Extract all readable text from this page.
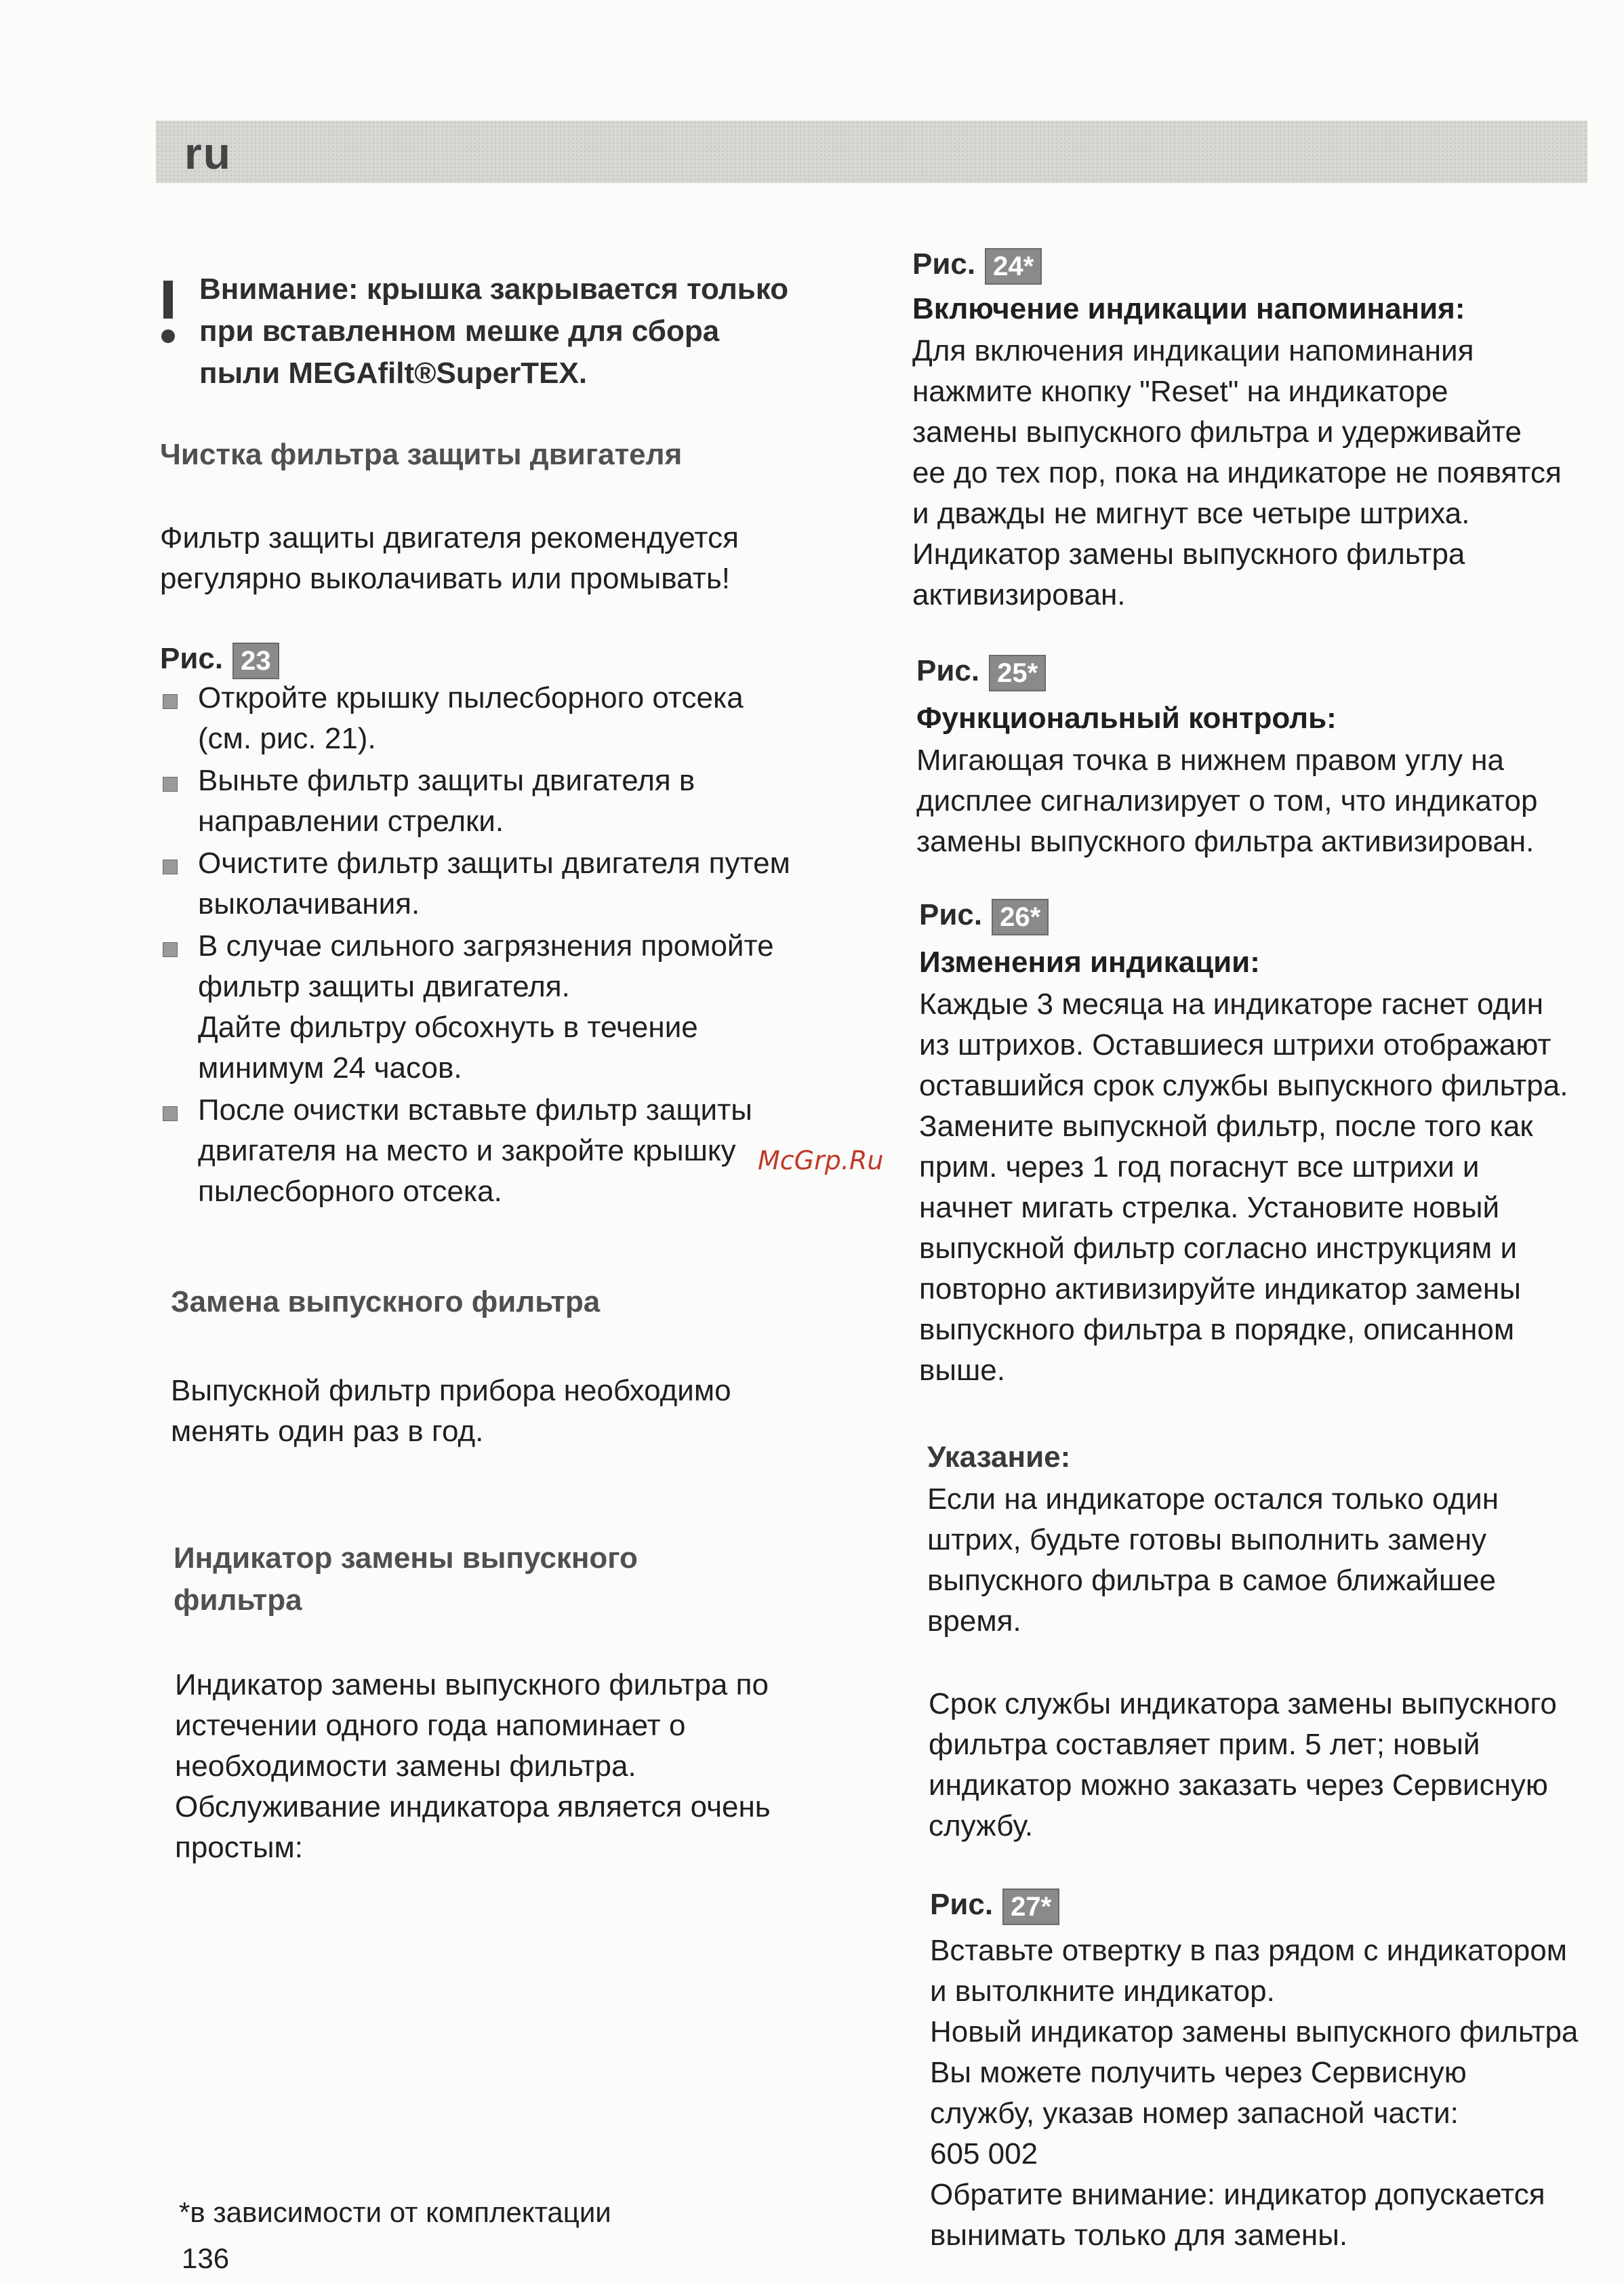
ru
Внимание: крышка закрывается только
при вставленном мешке для сбора
пыли MEGAfilt®SuperTEX.
Чистка фильтра защиты двигателя
Фильтр защиты двигателя рекомендуется
регулярно выколачивать или промывать!
Рис. 23
Откройте крышку пылесборного отсека
(см. рис. 21).
Выньте фильтр защиты двигателя в
направлении стрелки.
Очистите фильтр защиты двигателя путем
выколачивания.
В случае сильного загрязнения промойте
фильтр защиты двигателя.
Дайте фильтру обсохнуть в течение
минимум 24 часов.
После очистки вставьте фильтр защиты
двигателя на место и закройте крышку
пылесборного отсека.
McGrp.Ru
Замена выпускного фильтра
Выпускной фильтр прибора необходимо
менять один раз в год.
Индикатор замены выпускного
фильтра
Индикатор замены выпускного фильтра по
истечении одного года напоминает о
необходимости замены фильтра.
Обслуживание индикатора является очень
простым:
Рис. 24*
Включение индикации напоминания:
Для включения индикации напоминания
нажмите кнопку "Reset" на индикаторе
замены выпускного фильтра и удерживайте
ее до тех пор, пока на индикаторе не появятся
и дважды не мигнут все четыре штриха.
Индикатор замены выпускного фильтра
активизирован.
Рис. 25*
Функциональный контроль:
Мигающая точка в нижнем правом углу на
дисплее сигнализирует о том, что индикатор
замены выпускного фильтра активизирован.
Рис. 26*
Изменения индикации:
Каждые 3 месяца на индикаторе гаснет один
из штрихов. Оставшиеся штрихи отображают
оставшийся срок службы выпускного фильтра.
Замените выпускной фильтр, после того как
прим. через 1 год погаснут все штрихи и
начнет мигать стрелка. Установите новый
выпускной фильтр согласно инструкциям и
повторно активизируйте индикатор замены
выпускного фильтра в порядке, описанном
выше.
Указание:
Если на индикаторе остался только один
штрих, будьте готовы выполнить замену
выпускного фильтра в самое ближайшее
время.
Срок службы индикатора замены выпускного
фильтра составляет прим. 5 лет; новый
индикатор можно заказать через Сервисную
службу.
Рис. 27*
Вставьте отвертку в паз рядом с индикатором
и вытолкните индикатор.
Новый индикатор замены выпускного фильтра
Вы можете получить через Сервисную
службу, указав номер запасной части:
605 002
Обратите внимание: индикатор допускается
вынимать только для замены.
*в зависимости от комплектации
136
